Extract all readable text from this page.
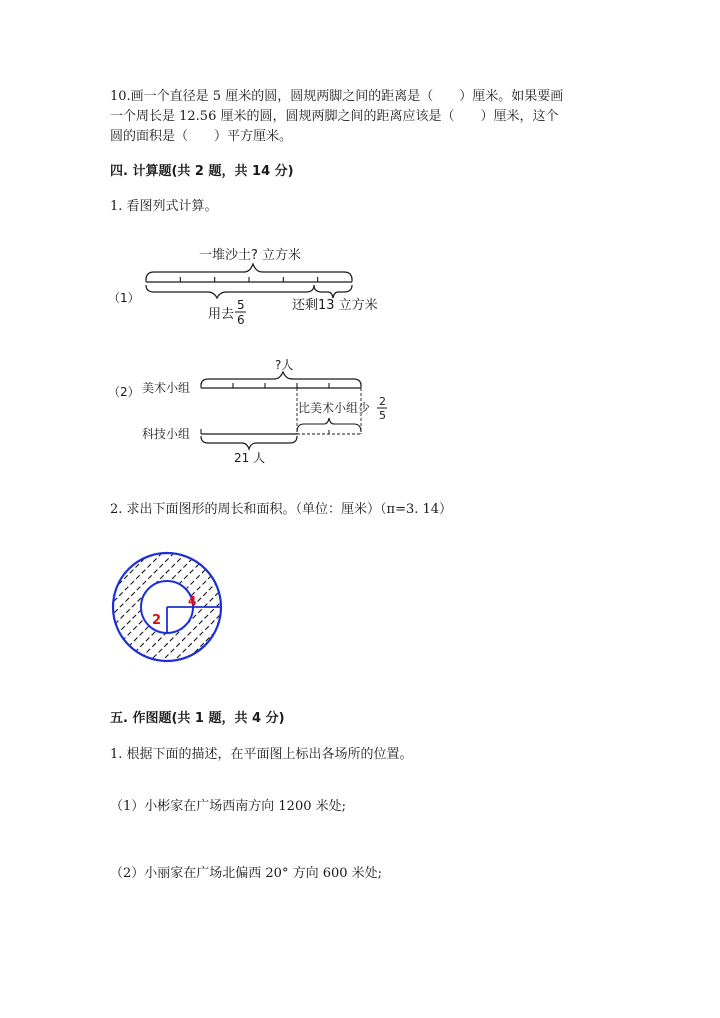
10.画一个直径是 5 厘米的圆，圆规两脚之间的距离是（　　）厘米。如果要画
一个周长是 12.56 厘米的圆，圆规两脚之间的距离应该是（　　）厘米，这个
圆的面积是（　　）平方厘米。
四. 计算题(共 2 题，共 14 分)
1. 看图列式计算。
（1）
一堆沙土? 立方米
用去
5
6
还剩13 立方米
（2） 美术小组
科技小组
?人
比美术小组少 2
5
21 人
2. 求出下面图形的周长和面积。（单位：厘米）（π=3. 14）
2
4
五. 作图题(共 1 题，共 4 分)
1. 根据下面的描述，在平面图上标出各场所的位置。
（1）小彬家在广场西南方向 1200 米处;
（2）小丽家在广场北偏西 20° 方向 600 米处;
